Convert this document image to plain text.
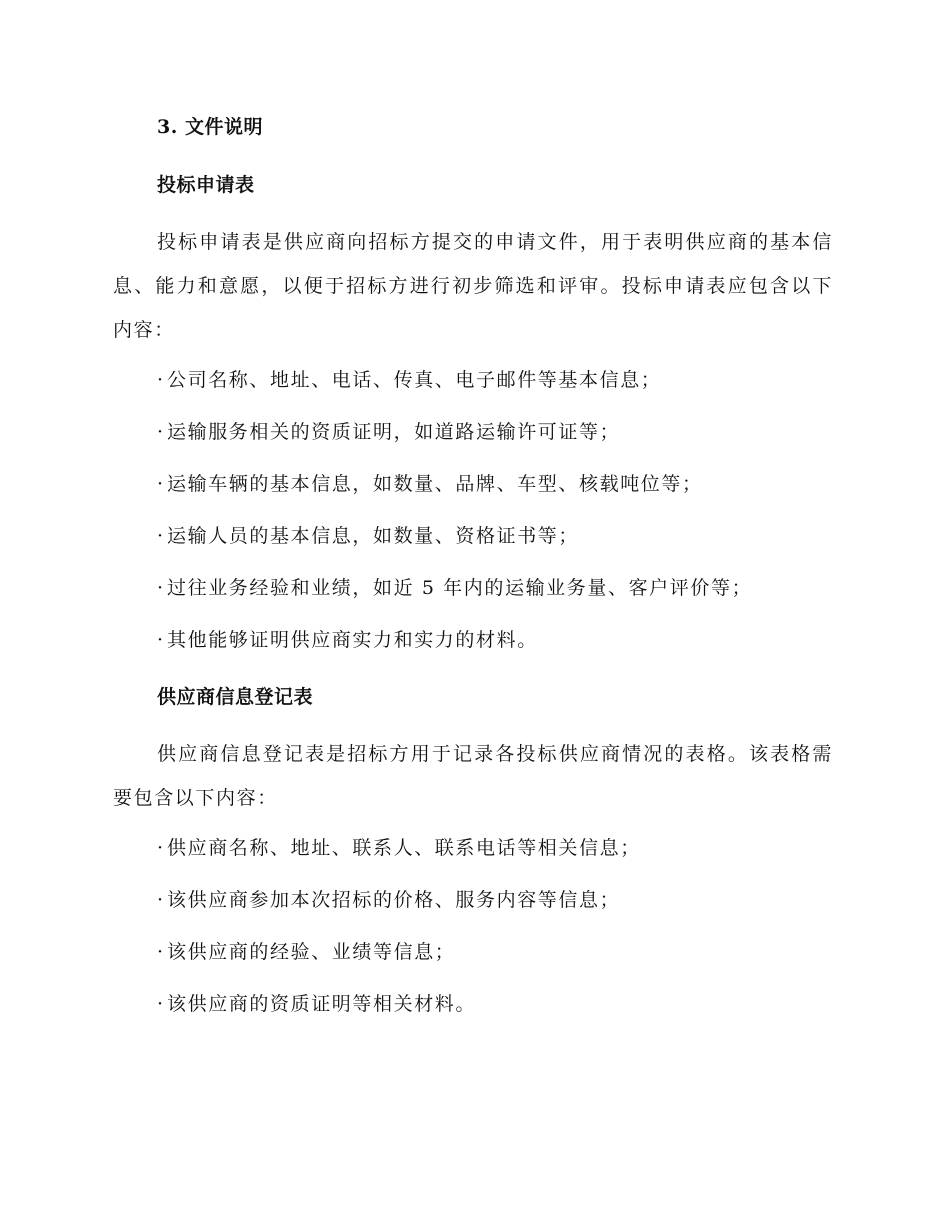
3. 文件说明
投标申请表

投标申请表是供应商向招标方提交的申请文件，用于表明供应商的基本信息、能力和意愿，以便于招标方进行初步筛选和评审。投标申请表应包含以下内容：

· 公司名称、地址、电话、传真、电子邮件等基本信息；
· 运输服务相关的资质证明，如道路运输许可证等；
· 运输车辆的基本信息，如数量、品牌、车型、核载吨位等；
· 运输人员的基本信息，如数量、资格证书等；
· 过往业务经验和业绩，如近 5 年内的运输业务量、客户评价等；
· 其他能够证明供应商实力和实力的材料。
供应商信息登记表

供应商信息登记表是招标方用于记录各投标供应商情况的表格。该表格需要包含以下内容：

· 供应商名称、地址、联系人、联系电话等相关信息；
· 该供应商参加本次招标的价格、服务内容等信息；
· 该供应商的经验、业绩等信息；
· 该供应商的资质证明等相关材料。
